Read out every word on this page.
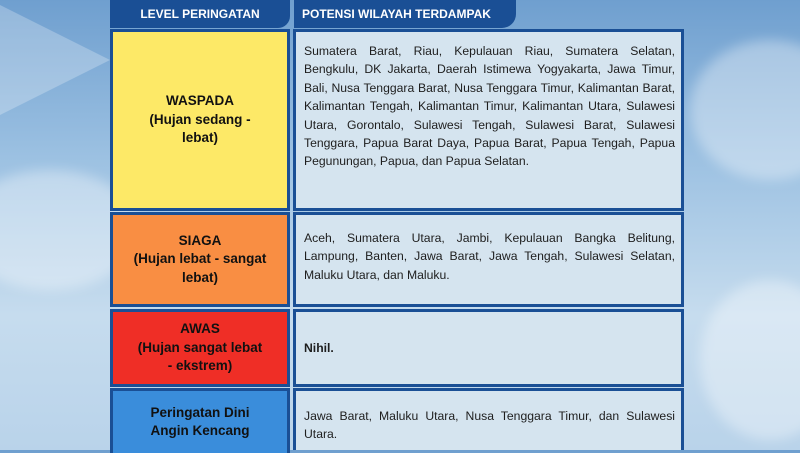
LEVEL PERINGATAN	POTENSI WILAYAH TERDAMPAK
WASPADA
(Hujan sedang -
lebat)
Sumatera Barat, Riau, Kepulauan Riau, Sumatera Selatan, Bengkulu, DK Jakarta, Daerah Istimewa Yogyakarta, Jawa Timur, Bali, Nusa Tenggara Barat, Nusa Tenggara Timur, Kalimantan Barat, Kalimantan Tengah, Kalimantan Timur, Kalimantan Utara, Sulawesi Utara, Gorontalo, Sulawesi Tengah, Sulawesi Barat, Sulawesi Tenggara, Papua Barat Daya, Papua Barat, Papua Tengah, Papua Pegunungan, Papua, dan Papua Selatan.
SIAGA
(Hujan lebat - sangat
lebat)
Aceh, Sumatera Utara, Jambi, Kepulauan Bangka Belitung, Lampung, Banten, Jawa Barat, Jawa Tengah, Sulawesi Selatan, Maluku Utara, dan Maluku.
AWAS
(Hujan sangat lebat
- ekstrem)
Nihil.
Peringatan Dini
Angin Kencang
Jawa Barat, Maluku Utara, Nusa Tenggara Timur, dan Sulawesi Utara.
